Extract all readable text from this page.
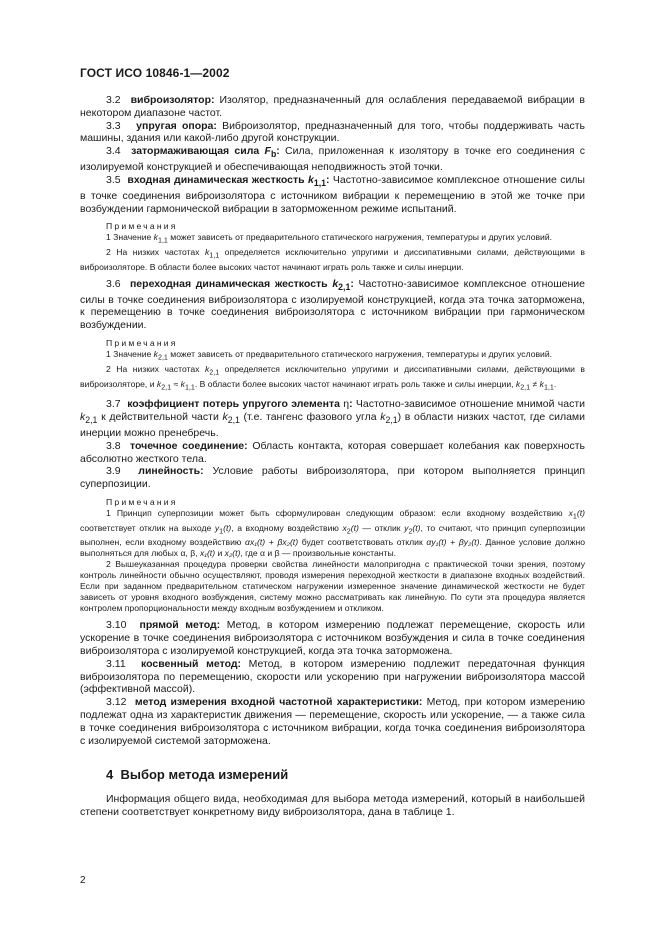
ГОСТ ИСО 10846-1—2002

3.2 виброизолятор: Изолятор, предназначенный для ослабления передаваемой вибрации в некотором диапазоне частот.

3.3 упругая опора: Виброизолятор, предназначенный для того, чтобы поддерживать часть машины, здания или какой-либо другой конструкции.

3.4 затормаживающая сила $F_b$: Сила, приложенная к изолятору в точке его соединения с изолируемой конструкцией и обеспечивающая неподвижность этой точки.

3.5 входная динамическая жесткость $k_{1,1}$: Частотно-зависимое комплексное отношение силы в точке соединения виброизолятора с источником вибрации к перемещению в этой же точке при возбуждении гармонической вибрации в заторможенном режиме испытаний.

Примечания

1 Значение $k_{1,1}$ может зависеть от предварительного статического нагружения, температуры и других условий.

2 На низких частотах $k_{1,1}$ определяется исключительно упругими и диссипативными силами, действующими в виброизоляторе. В области более высоких частот начинают играть роль также и силы инерции.

3.6 переходная динамическая жесткость $k_{2,1}$: Частотно-зависимое комплексное отношение силы в точке соединения виброизолятора с изолируемой конструкцией, когда эта точка заторможена, к перемещению в точке соединения виброизолятора с источником вибрации при гармоническом возбуждении.

Примечания

1 Значение $k_{2,1}$ может зависеть от предварительного статического нагружения, температуры и других условий.

2 На низких частотах $k_{2,1}$ определяется исключительно упругими и диссипативными силами, действующими в виброизоляторе, и $k_{2,1} \approx k_{1,1}$. В области более высоких частот начинают играть роль также и силы инерции, $k_{2,1} \ne k_{1,1}$.

3.7 коэффициент потерь упругого элемента η: Частотно-зависимое отношение мнимой части $k_{2,1}$ к действительной части $k_{2,1}$ (т.е. тангенс фазового угла $k_{2,1}$) в области низких частот, где силами инерции можно пренебречь.

3.8 точечное соединение: Область контакта, которая совершает колебания как поверхность абсолютно жесткого тела.

3.9 линейность: Условие работы виброизолятора, при котором выполняется принцип суперпозиции.

Примечания

1 Принцип суперпозиции может быть сформулирован следующим образом: если входному воздействию $x_1(t)$ соответствует отклик на выходе $y_1(t)$, а входному воздействию $x_2(t)$ — отклик $y_2(t)$, то считают, что принцип суперпозиции выполнен, если входному воздействию αx₁(t) + βx₂(t) будет соответствовать отклик αy₁(t) + βy₂(t). Данное условие должно выполняться для любых α, β, x₁(t) и x₂(t), где α и β — произвольные константы.

2 Вышеуказанная процедура проверки свойства линейности малопригодна с практической точки зрения, поэтому контроль линейности обычно осуществляют, проводя измерения переходной жесткости в диапазоне входных воздействий. Если при заданном предварительном статическом нагружении измеренное значение динамической жесткости не будет зависеть от уровня входного возбуждения, систему можно рассматривать как линейную. По сути эта процедура является контролем пропорциональности между входным возбуждением и откликом.

3.10 прямой метод: Метод, в котором измерению подлежат перемещение, скорость или ускорение в точке соединения виброизолятора с источником возбуждения и сила в точке соединения виброизолятора с изолируемой конструкцией, когда эта точка заторможена.

3.11 косвенный метод: Метод, в котором измерению подлежит передаточная функция виброизолятора по перемещению, скорости или ускорению при нагружении виброизолятора массой (эффективной массой).

3.12 метод измерения входной частотной характеристики: Метод, при котором измерению подлежат одна из характеристик движения — перемещение, скорость или ускорение, — а также сила в точке соединения виброизолятора с источником вибрации, когда точка соединения виброизолятора с изолируемой системой заторможена.

4 Выбор метода измерений

Информация общего вида, необходимая для выбора метода измерений, который в наибольшей степени соответствует конкретному виду виброизолятора, дана в таблице 1.

2
